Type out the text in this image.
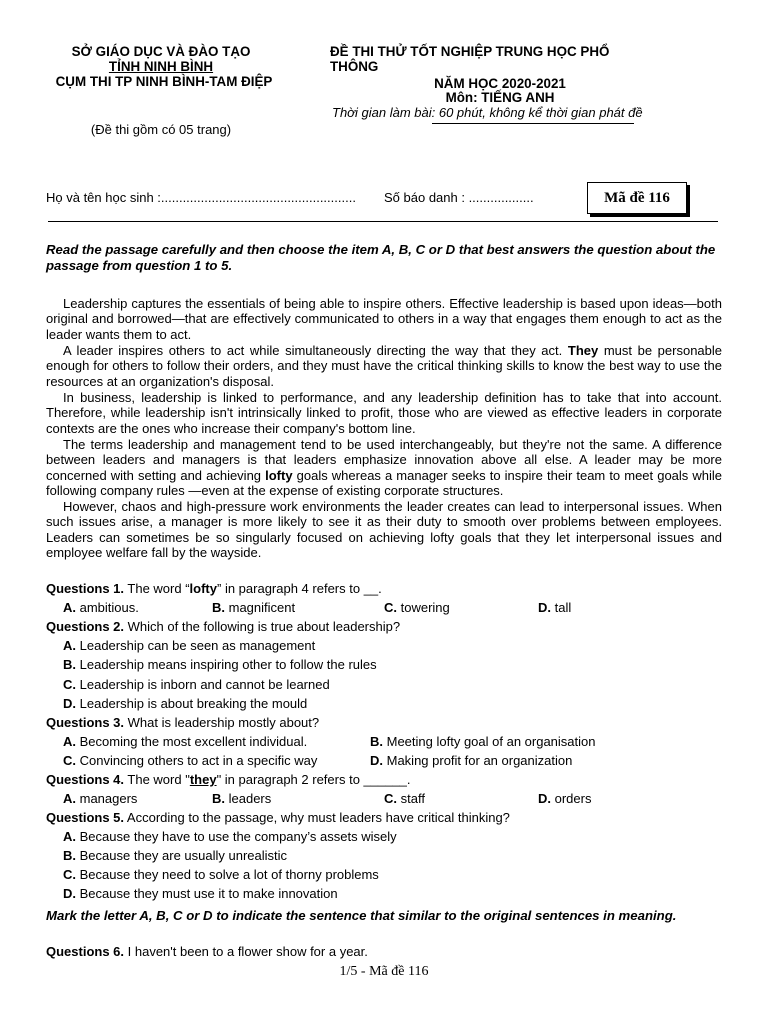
SỞ GIÁO DỤC VÀ ĐÀO TẠO
TỈNH NINH BÌNH
CỤM THI TP NINH BÌNH-TAM ĐIỆP
(Đề thi gồm có 05 trang)
ĐỀ THI THỬ TỐT NGHIỆP TRUNG HỌC PHỔ
THÔNG
NĂM HỌC 2020-2021
Môn: TIẾNG ANH
Thời gian làm bài: 60 phút, không kể thời gian phát đề
Họ và tên học sinh :...................................................... Số báo danh : ..................	Mã đề 116
Read the passage carefully and then choose the item A, B, C or D that best answers the question about the passage from question 1 to 5.
Leadership captures the essentials of being able to inspire others. Effective leadership is based upon ideas—both original and borrowed—that are effectively communicated to others in a way that engages them enough to act as the leader wants them to act.
A leader inspires others to act while simultaneously directing the way that they act. They must be personable enough for others to follow their orders, and they must have the critical thinking skills to know the best way to use the resources at an organization's disposal.
In business, leadership is linked to performance, and any leadership definition has to take that into account. Therefore, while leadership isn't intrinsically linked to profit, those who are viewed as effective leaders in corporate contexts are the ones who increase their company's bottom line.
The terms leadership and management tend to be used interchangeably, but they're not the same. A difference between leaders and managers is that leaders emphasize innovation above all else. A leader may be more concerned with setting and achieving lofty goals whereas a manager seeks to inspire their team to meet goals while following company rules —even at the expense of existing corporate structures.
However, chaos and high-pressure work environments the leader creates can lead to interpersonal issues. When such issues arise, a manager is more likely to see it as their duty to smooth over problems between employees. Leaders can sometimes be so singularly focused on achieving lofty goals that they let interpersonal issues and employee welfare fall by the wayside.
Questions 1. The word “lofty” in paragraph 4 refers to __.
A. ambitious.	B. magnificent	C. towering	D. tall
Questions 2. Which of the following is true about leadership?
A. Leadership can be seen as management
B. Leadership means inspiring other to follow the rules
C. Leadership is inborn and cannot be learned
D. Leadership is about breaking the mould
Questions 3. What is leadership mostly about?
A. Becoming the most excellent individual.	B. Meeting lofty goal of an organisation
C. Convincing others to act in a specific way	D. Making profit for an organization
Questions 4. The word "they" in paragraph 2 refers to ______.
A. managers	B. leaders	C. staff	D. orders
Questions 5. According to the passage, why must leaders have critical thinking?
A. Because they have to use the company’s assets wisely
B. Because they are usually unrealistic
C. Because they need to solve a lot of thorny problems
D. Because they must use it to make innovation
Mark the letter A, B, C or D to indicate the sentence that similar to the original sentences in meaning.
Questions 6. I haven't been to a flower show for a year.
1/5 - Mã đề 116
